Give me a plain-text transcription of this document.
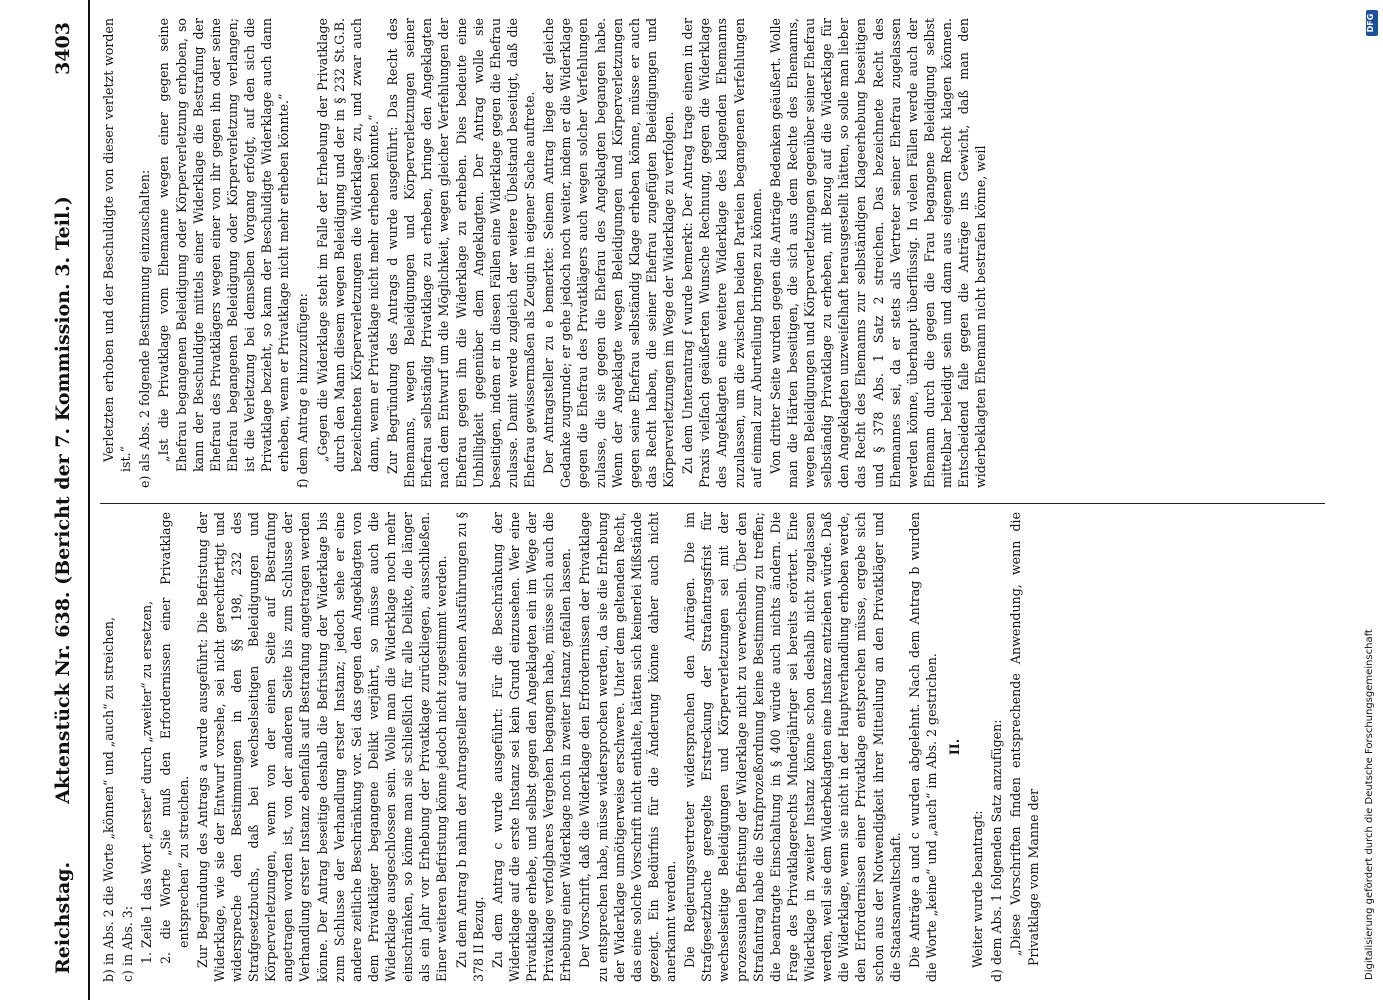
Reichstag.
Aktenstück Nr. 638. (Bericht der 7. Kommission. 3. Teil.)
3403

b) in Abs. 2 die Worte „können“ und „auch“ zu streichen, c) in Abs. 3: 1. Zeile 1 das Wort „erster“ durch „zweiter“ zu ersetzen, 2. die Worte „Sie muß den Erfordernissen einer Privatklage entsprechen“ zu streichen. Zur Begründung des Antrags a wurde ausgeführt: Die Befristung der Widerklage, wie sie der Entwurf vorsehe, sei nicht gerechtfertigt und widerspreche den Bestimmungen in den §§ 198, 232 des Strafgesetzbuchs, daß bei wechselseitigen Beleidigungen und Körperverletzungen, wenn von der einen Seite auf Bestrafung angetragen worden ist, von der anderen Seite bis zum Schlusse der Verhandlung erster Instanz ebenfalls auf Bestrafung angetragen werden könne. Der Antrag beseitige deshalb die Befristung der Widerklage bis zum Schlusse der Verhandlung erster Instanz; jedoch sehe er eine andere zeitliche Beschränkung vor. Sei das gegen den Angeklagten von dem Privatkläger begangene Delikt verjährt, so müsse auch die Widerklage ausgeschlossen sein. Wolle man die Widerklage noch mehr einschränken, so könne man sie schließlich für alle Delikte, die länger als ein Jahr vor Erhebung der Privatklage zurückliegen, ausschließen. Einer weiteren Befristung könne jedoch nicht zugestimmt werden. Zu dem Antrag b nahm der Antragsteller auf seinen Ausführungen zu § 378 II Bezug. Zu dem Antrag c wurde ausgeführt: Für die Beschränkung der Widerklage auf die erste Instanz sei kein Grund einzusehen. Wer eine Privatklage erhebe, und selbst gegen den Angeklagten ein im Wege der Privatklage verfolgbares Vergehen begangen habe, müsse sich auch die Erhebung einer Widerklage noch in zweiter Instanz gefallen lassen. Der Vorschrift, daß die Widerklage den Erfordernissen der Privatklage zu entsprechen habe, müsse widersprochen werden, da sie die Erhebung der Widerklage unnötigerweise erschwere. Unter dem geltenden Recht, das eine solche Vorschrift nicht enthalte, hätten sich keinerlei Mißstände gezeigt. Ein Bedürfnis für die Änderung könne daher auch nicht anerkannt werden. Die Regierungsvertreter widersprachen den Anträgen. Die im Strafgesetzbuche geregelte Erstreckung der Strafantragsfrist für wechselseitige Beleidigungen und Körperverletzungen sei mit der prozessualen Befristung der Widerklage nicht zu verwechseln. Über den Strafantrag habe die Strafprozeßordnung keine Bestimmung zu treffen; die beantragte Einschaltung in § 400 würde auch nichts ändern. Die Frage des Privatklagerechts Minderjähriger sei bereits erörtert. Eine Widerklage in zweiter Instanz könne schon deshalb nicht zugelassen werden, weil sie dem Widerbeklagten eine Instanz entziehen würde. Daß die Widerklage, wenn sie nicht in der Hauptverhandlung erhoben werde, den Erfordernissen einer Privatklage entsprechen müsse, ergebe sich schon aus der Notwendigkeit ihrer Mitteilung an den Privatkläger und die Staatsanwaltschaft. Die Anträge a und c wurden abgelehnt. Nach dem Antrag b wurden die Worte „keine“ und „auch“ im Abs. 2 gestrichen. II.

Weiter wurde beantragt: d) dem Abs. 1 folgenden Satz anzufügen: „Diese Vorschriften finden entsprechende Anwendung, wenn die Privatklage vom Manne der

Verletzten erhoben und der Beschuldigte von dieser verletzt worden ist.“ e) als Abs. 2 folgende Bestimmung einzuschalten: „Ist die Privatklage vom Ehemanne wegen einer gegen seine Ehefrau begangenen Beleidigung oder Körperverletzung erhoben, so kann der Beschuldigte mittels einer Widerklage die Bestrafung der Ehefrau des Privatklägers wegen einer von ihr gegen ihn oder seine Ehefrau begangenen Beleidigung oder Körperverletzung verlangen; ist die Verletzung bei demselben Vorgang erfolgt, auf den sich die Privatklage bezieht, so kann der Beschuldigte Widerklage auch dann erheben, wenn er Privatklage nicht mehr erheben könnte.“ f) dem Antrag e hinzuzufügen: „Gegen die Widerklage steht im Falle der Erhebung der Privatklage durch den Mann diesem wegen Beleidigung und der in § 232 St.G.B. bezeichneten Körperverletzungen die Widerklage zu, und zwar auch dann, wenn er Privatklage nicht mehr erheben könnte.“ Zur Begründung des Antrags d wurde ausgeführt: Das Recht des Ehemanns, wegen Beleidigungen und Körperverletzungen seiner Ehefrau selbständig Privatklage zu erheben, bringe den Angeklagten nach dem Entwurf um die Möglichkeit, wegen gleicher Verfehlungen der Ehefrau gegen ihn die Widerklage zu erheben. Dies bedeute eine Unbilligkeit gegenüber dem Angeklagten. Der Antrag wolle sie beseitigen, indem er in diesen Fällen eine Widerklage gegen die Ehefrau zulasse. Damit werde zugleich der weitere Übelstand beseitigt, daß die Ehefrau gewissermaßen als Zeugin in eigener Sache auftrete. Der Antragsteller zu e bemerkte: Seinem Antrag liege der gleiche Gedanke zugrunde; er gehe jedoch noch weiter, indem er die Widerklage gegen die Ehefrau des Privatklägers auch wegen solcher Verfehlungen zulasse, die sie gegen die Ehefrau des Angeklagten begangen habe. Wenn der Angeklagte wegen Beleidigungen und Körperverletzungen gegen seine Ehefrau selbständig Klage erheben könne, müsse er auch das Recht haben, die seiner Ehefrau zugefügten Beleidigungen und Körperverletzungen im Wege der Widerklage zu verfolgen. Zu dem Unterantrag f wurde bemerkt: Der Antrag trage einem in der Praxis vielfach geäußerten Wunsche Rechnung, gegen die Widerklage des Angeklagten eine weitere Widerklage des klagenden Ehemanns zuzulassen, um die zwischen beiden Parteien begangenen Verfehlungen auf einmal zur Aburteilung bringen zu können. Von dritter Seite wurden gegen die Anträge Bedenken geäußert. Wolle man die Härten beseitigen, die sich aus dem Rechte des Ehemanns, wegen Beleidigungen und Körperverletzungen gegenüber seiner Ehefrau selbständig Privatklage zu erheben, mit Bezug auf die Widerklage für den Angeklagten unzweifelhaft herausgestellt hätten, so solle man lieber das Recht des Ehemanns zur selbständigen Klageerhebung beseitigen und § 378 Abs. 1 Satz 2 streichen. Das bezeichnete Recht des Ehemannes sei, da er stets als Vertreter seiner Ehefrau zugelassen werden könne, überhaupt überflüssig. In vielen Fällen werde auch der Ehemann durch die gegen die Frau begangene Beleidigung selbst mittelbar beleidigt sein und dann aus eigenem Recht klagen können. Entscheidend falle gegen die Anträge ins Gewicht, daß man den widerbeklagten Ehemann nicht bestrafen könne, weil

DFG
Digitalisierung gefördert durch die Deutsche Forschungsgemeinschaft
